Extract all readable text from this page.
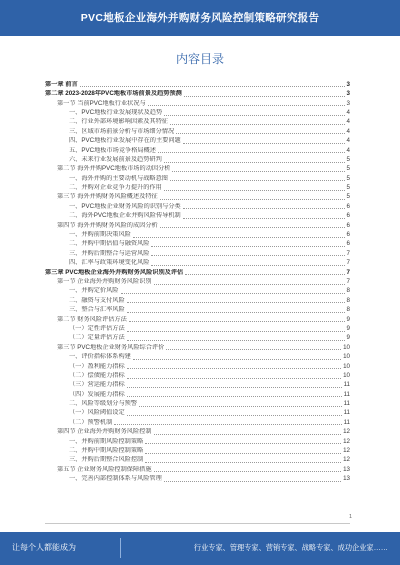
PVC地板企业海外并购财务风险控制策略研究报告
内容目录
第一章 前言	3
第二章 2023-2028年PVC地板市场前景及趋势预测	3
第一节 当前PVC地板行业状况与	3
一、PVC地板行业发展现状及趋势	4
二、行业外部环境影响因素及其特征	4
三、区域市场前景分析与市场细分情况	4
四、PVC地板行业发展中存在的主要问题	4
五、PVC地板市场竞争格局概述	4
六、未来行业发展前景及趋势研判	5
第二节 海外并购PVC地板市场的动因分析	5
一、海外并购的主要动机与战略意图	5
二、并购对企业竞争力提升的作用	5
第三节 海外并购财务风险概述及特征	5
一、PVC地板企业财务风险的识别与分类	6
二、海外PVC地板企业并购风险传导机制	6
第四节 海外并购财务风险的成因分析	6
一、并购前期决策风险	6
二、并购中期估值与融资风险	6
三、并购后期整合与运营风险	7
四、汇率与政策环境变化风险	7
第三章 PVC地板企业海外并购财务风险识别及评估	7
第一节 企业海外并购财务风险识别	7
一、并购定价风险	8
二、融资与支付风险	8
三、整合与汇率风险	8
第二节 财务风险评估方法	9
（一）定性评估方法	9
（二）定量评估方法	9
第三节 PVC地板企业财务风险综合评价	10
一、评价指标体系构建	10
（一）盈利能力指标	10
（二）偿债能力指标	10
（三）营运能力指标	11
（四）发展能力指标	11
二、风险等级划分与预警	11
（一）风险阈值设定	11
（二）预警机制	11
第四节 企业海外并购财务风险控制	12
一、并购前期风险控制策略	12
二、并购中期风险控制策略	12
三、并购后期整合风险控制	12
第五节 企业财务风险控制保障措施	13
一、完善内部控制体系与风险管理	13
1
让每个人都能成为	行业专家、管理专家、营销专家、战略专家、成功企业家……
